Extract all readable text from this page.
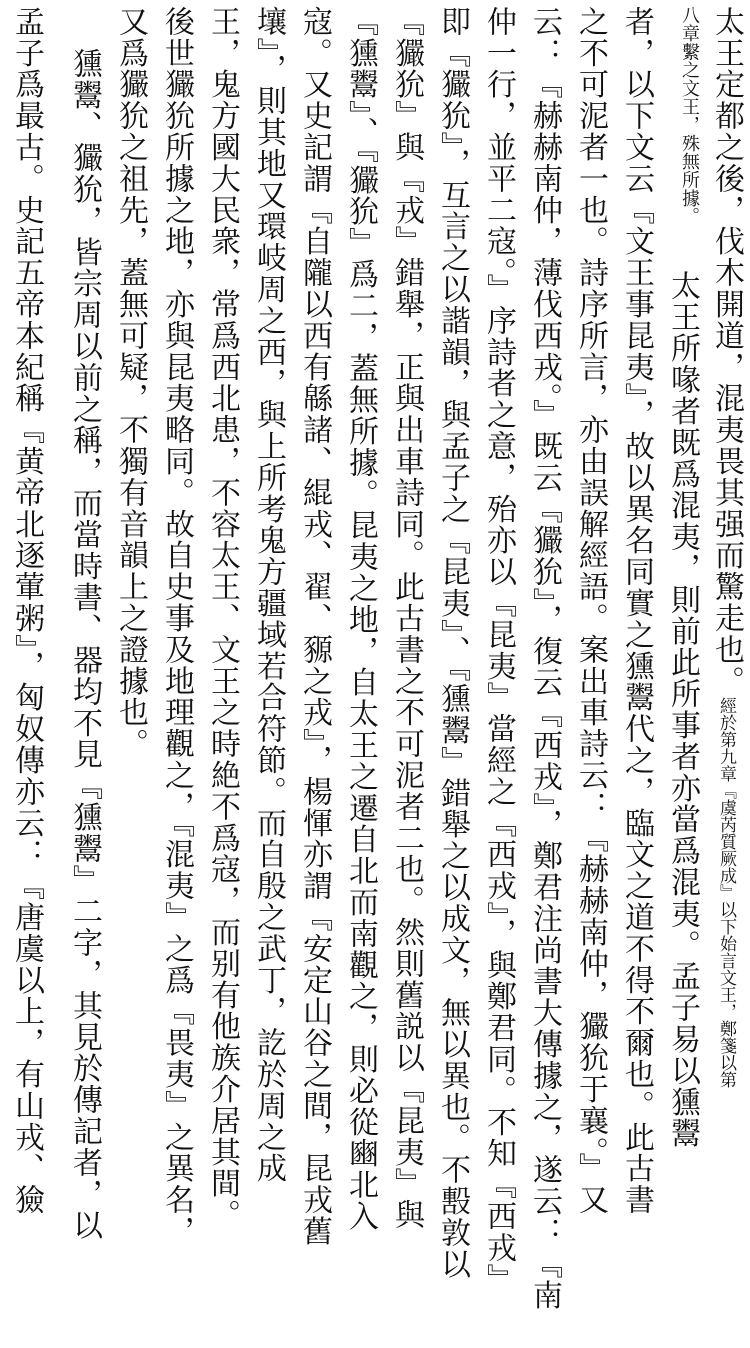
太王定都之後，伐木開道，混夷畏其强而驚走也。經於第九章『虞芮質厥成』以下始言文王，鄭箋以第
八章繫之文王，殊無所據。
太王所喙者既爲混夷，則前此所事者亦當爲混夷。孟子易以獯鬻
者，以下文云『文王事昆夷』，故以異名同實之獯鬻代之，臨文之道不得不爾也。此古書
之不可泥者一也。詩序所言，亦由誤解經語。案出車詩云：『赫赫南仲，玁狁于襄。』又
云：『赫赫南仲，薄伐西戎。』既云『玁狁』，復云『西戎』，鄭君注尚書大傳據之，遂云：『南
仲一行，並平二寇。』序詩者之意，殆亦以『昆夷』當經之『西戎』，與鄭君同。不知『西戎』
即『玁狁』，互言之以諧韻，與孟子之『昆夷』、『獯鬻』錯舉之以成文，無以異也。不毄敦以
『玁狁』與『戎』錯舉，正與出車詩同。此古書之不可泥者二也。然則舊説以『昆夷』與
『獯鬻』、『玁狁』爲二，蓋無所據。昆夷之地，自太王之遷自北而南觀之，則必從豳北入
寇。又史記謂『自隴以西有緜諸、緄戎、翟、豲之戎』，楊惲亦謂『安定山谷之間，昆戎舊
壤』，則其地又環岐周之西，與上所考鬼方疆域若合符節。而自殷之武丁，訖於周之成
王，鬼方國大民衆，常爲西北患，不容太王、文王之時絶不爲寇，而别有他族介居其間。
後世玁狁所據之地，亦與昆夷略同。故自史事及地理觀之，『混夷』之爲『畏夷』之異名，
又爲玁狁之祖先，蓋無可疑，不獨有音韻上之證據也。
獯鬻、玁狁，皆宗周以前之稱，而當時書、器均不見『獯鬻』二字，其見於傳記者，以
孟子爲最古。史記五帝本紀稱『黄帝北逐葷粥』，匈奴傳亦云：『唐虞以上，有山戎、獫
